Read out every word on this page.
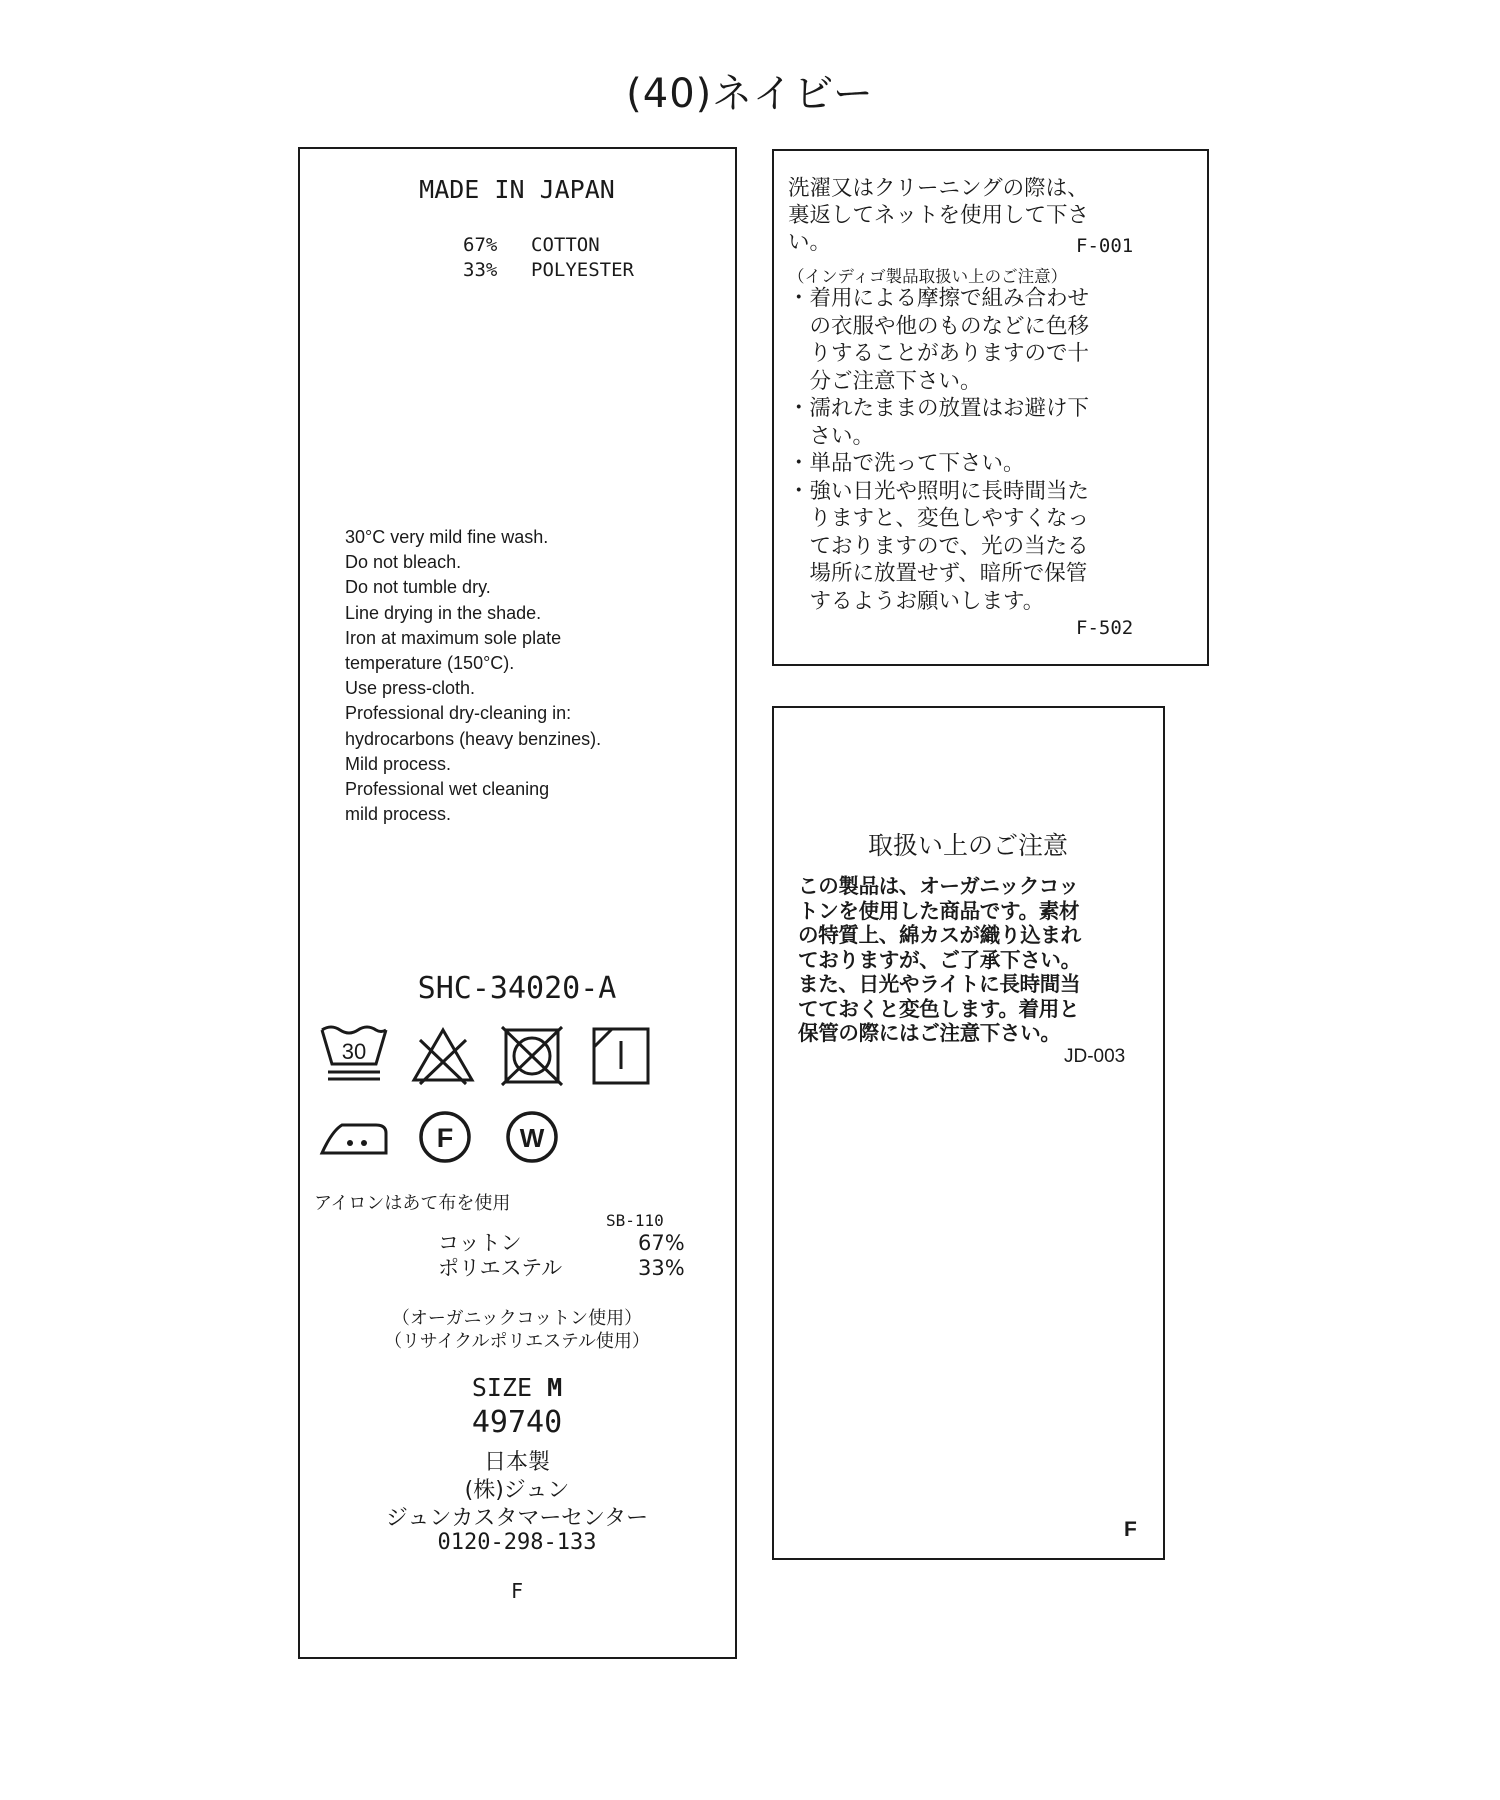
(40)ネイビー
MADE IN JAPAN
67% COTTON
33% POLYESTER
30°C very mild fine wash.
Do not bleach.
Do not tumble dry.
Line drying in the shade.
Iron at maximum sole plate
temperature (150°C).
Use press-cloth.
Professional dry-cleaning in:
hydrocarbons (heavy benzines).
Mild process.
Professional wet cleaning
mild process.
SHC-34020-A
30
F	W
アイロンはあて布を使用
SB-110
コットン	67%
ポリエステル	33%
（オーガニックコットン使用）
（リサイクルポリエステル使用）
SIZE M
49740
日本製
(株)ジュン
ジュンカスタマーセンター
0120-298-133
F
洗濯又はクリーニングの際は、
裏返してネットを使用して下さ
い。	F-001
（インディゴ製品取扱い上のご注意）
・着用による摩擦で組み合わせ
　の衣服や他のものなどに色移
　りすることがありますので十
　分ご注意下さい。
・濡れたままの放置はお避け下
　さい。
・単品で洗って下さい。
・強い日光や照明に長時間当た
　りますと、変色しやすくなっ
　ておりますので、光の当たる
　場所に放置せず、暗所で保管
　するようお願いします。
F-502
取扱い上のご注意
この製品は、オーガニックコッ
トンを使用した商品です。素材
の特質上、綿カスが織り込まれ
ておりますが、ご了承下さい。
また、日光やライトに長時間当
てておくと変色します。着用と
保管の際にはご注意下さい。
JD-003
F
